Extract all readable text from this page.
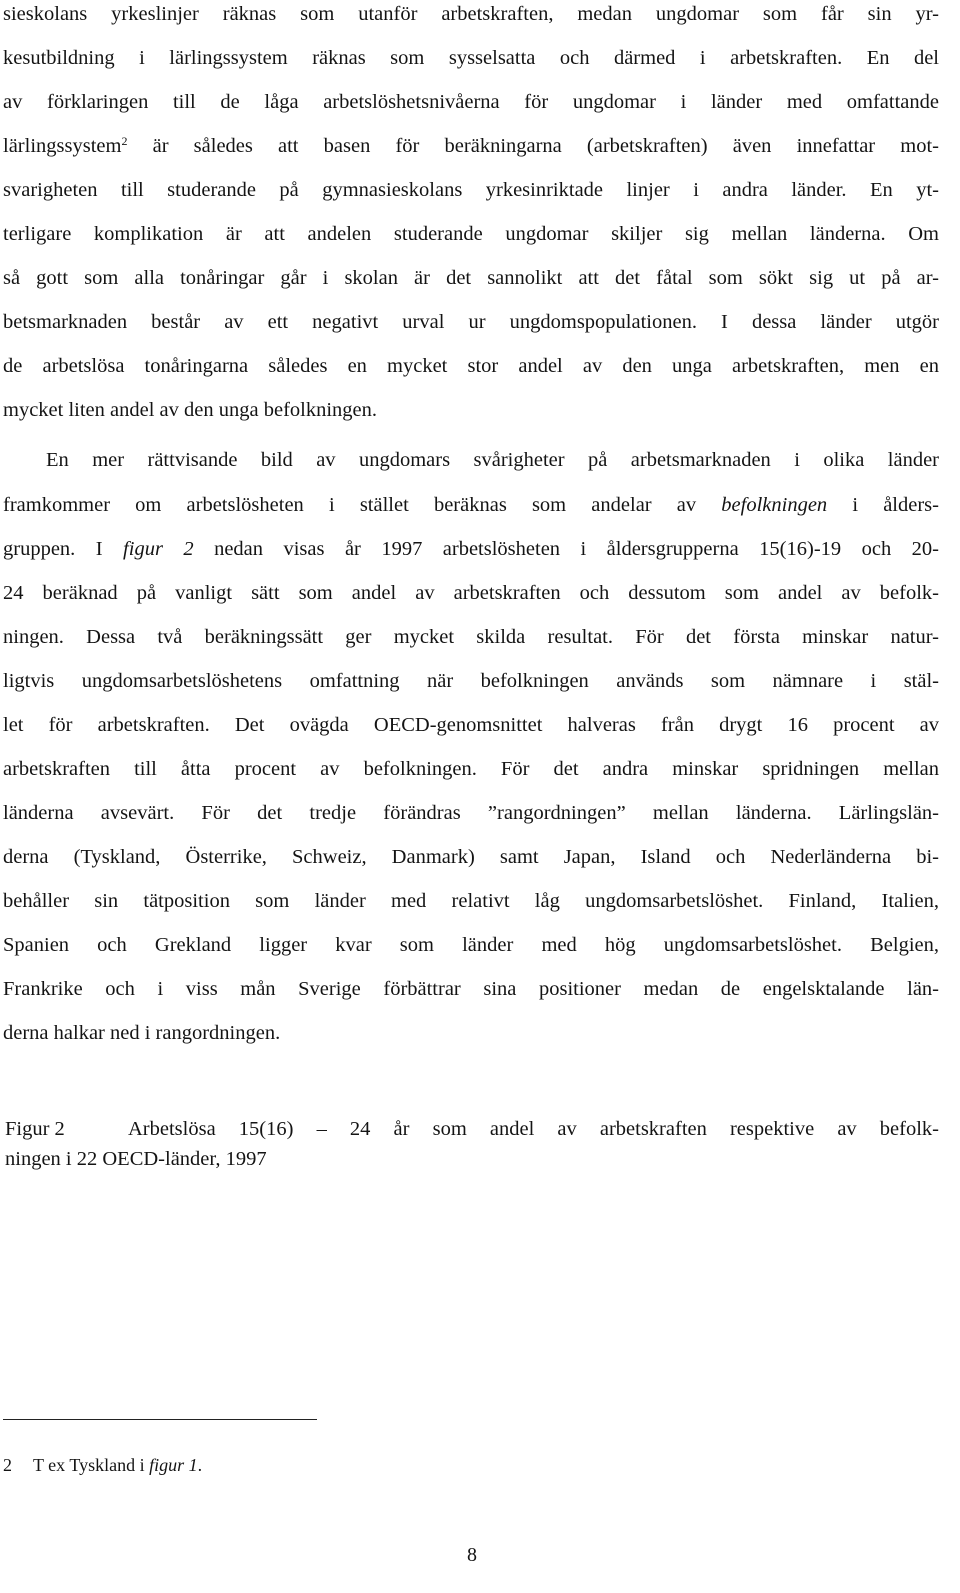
sieskolans yrkeslinjer räknas som utanför arbetskraften, medan ungdomar som får sin yr-
kesutbildning i lärlingssystem räknas som sysselsatta och därmed i arbetskraften. En del
av förklaringen till de låga arbetslöshetsnivåerna för ungdomar i länder med omfattande
lärlingssystem$^2$ är således att basen för beräkningarna (arbetskraften) även innefattar mot-
svarigheten till studerande på gymnasieskolans yrkesinriktade linjer i andra länder. En yt-
terligare komplikation är att andelen studerande ungdomar skiljer sig mellan länderna. Om
så gott som alla tonåringar går i skolan är det sannolikt att det fåtal som sökt sig ut på ar-
betsmarknaden består av ett negativt urval ur ungdomspopulationen. I dessa länder utgör
de arbetslösa tonåringarna således en mycket stor andel av den unga arbetskraften, men en
mycket liten andel av den unga befolkningen.
En mer rättvisande bild av ungdomars svårigheter på arbetsmarknaden i olika länder
framkommer om arbetslösheten i stället beräknas som andelar av befolkningen i ålders-
gruppen. I figur 2 nedan visas år 1997 arbetslösheten i åldersgrupperna 15(16)-19 och 20-
24 beräknad på vanligt sätt som andel av arbetskraften och dessutom som andel av befolk-
ningen. Dessa två beräkningssätt ger mycket skilda resultat. För det första minskar natur-
ligtvis ungdomsarbetslöshetens omfattning när befolkningen används som nämnare i stäl-
let för arbetskraften. Det ovägda OECD-genomsnittet halveras från drygt 16 procent av
arbetskraften till åtta procent av befolkningen. För det andra minskar spridningen mellan
länderna avsevärt. För det tredje förändras ”rangordningen” mellan länderna. Lärlingslän-
derna (Tyskland, Österrike, Schweiz, Danmark) samt Japan, Island och Nederländerna bi-
behåller sin tätposition som länder med relativt låg ungdomsarbetslöshet. Finland, Italien,
Spanien och Grekland ligger kvar som länder med hög ungdomsarbetslöshet. Belgien,
Frankrike och i viss mån Sverige förbättrar sina positioner medan de engelsktalande län-
derna halkar ned i rangordningen.
Figur 2	Arbetslösa 15(16) – 24 år som andel av arbetskraften respektive av befolk-
ningen i 22 OECD-länder, 1997
2 T ex Tyskland i figur 1.
8
